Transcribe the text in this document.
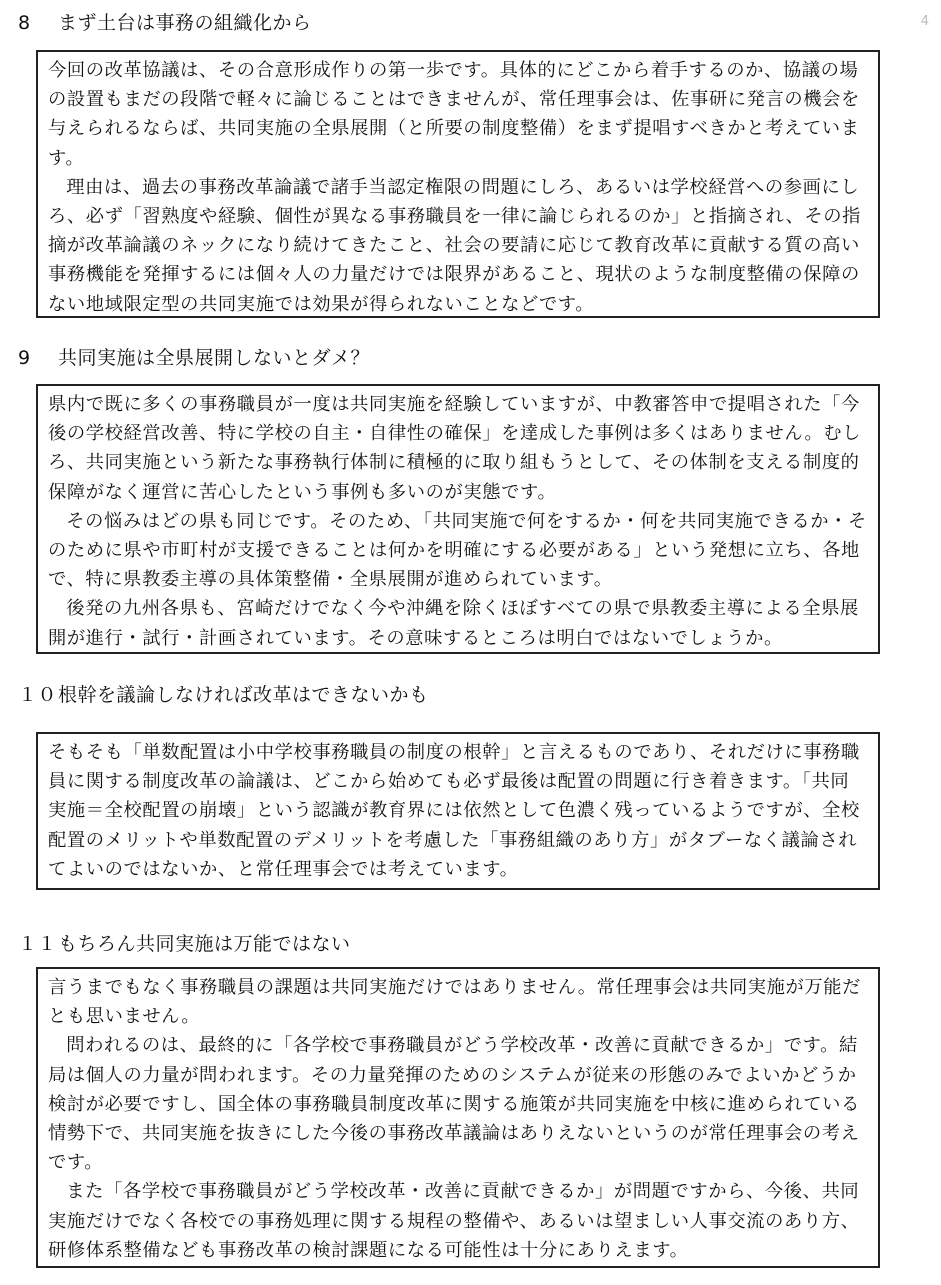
4
8 まず土台は事務の組織化から

今回の改革協議は、その合意形成作りの第一歩です。具体的にどこから着手するのか、協議の場の設置もまだの段階で軽々に論じることはできませんが、常任理事会は、佐事研に発言の機会を与えられるならば、共同実施の全県展開（と所要の制度整備）をまず提唱すべきかと考えています。

理由は、過去の事務改革論議で諸手当認定権限の問題にしろ、あるいは学校経営への参画にしろ、必ず「習熟度や経験、個性が異なる事務職員を一律に論じられるのか」と指摘され、その指摘が改革論議のネックになり続けてきたこと、社会の要請に応じて教育改革に貢献する質の高い事務機能を発揮するには個々人の力量だけでは限界があること、現状のような制度整備の保障のない地域限定型の共同実施では効果が得られないことなどです。

9 共同実施は全県展開しないとダメ？

県内で既に多くの事務職員が一度は共同実施を経験していますが、中教審答申で提唱された「今後の学校経営改善、特に学校の自主・自律性の確保」を達成した事例は多くはありません。むしろ、共同実施という新たな事務執行体制に積極的に取り組もうとして、その体制を支える制度的保障がなく運営に苦心したという事例も多いのが実態です。

その悩みはどの県も同じです。そのため、「共同実施で何をするか・何を共同実施できるか・そのために県や市町村が支援できることは何かを明確にする必要がある」という発想に立ち、各地で、特に県教委主導の具体策整備・全県展開が進められています。

後発の九州各県も、宮崎だけでなく今や沖縄を除くほぼすべての県で県教委主導による全県展開が進行・試行・計画されています。その意味するところは明白ではないでしょうか。

１０根幹を議論しなければ改革はできないかも

そもそも「単数配置は小中学校事務職員の制度の根幹」と言えるものであり、それだけに事務職員に関する制度改革の論議は、どこから始めても必ず最後は配置の問題に行き着きます。「共同実施＝全校配置の崩壊」という認識が教育界には依然として色濃く残っているようですが、全校配置のメリットや単数配置のデメリットを考慮した「事務組織のあり方」がタブーなく議論されてよいのではないか、と常任理事会では考えています。

１１もちろん共同実施は万能ではない

言うまでもなく事務職員の課題は共同実施だけではありません。常任理事会は共同実施が万能だとも思いません。

問われるのは、最終的に「各学校で事務職員がどう学校改革・改善に貢献できるか」です。結局は個人の力量が問われます。その力量発揮のためのシステムが従来の形態のみでよいかどうか検討が必要ですし、国全体の事務職員制度改革に関する施策が共同実施を中核に進められている情勢下で、共同実施を抜きにした今後の事務改革議論はありえないというのが常任理事会の考えです。

また「各学校で事務職員がどう学校改革・改善に貢献できるか」が問題ですから、今後、共同実施だけでなく各校での事務処理に関する規程の整備や、あるいは望ましい人事交流のあり方、研修体系整備なども事務改革の検討課題になる可能性は十分にありえます。
